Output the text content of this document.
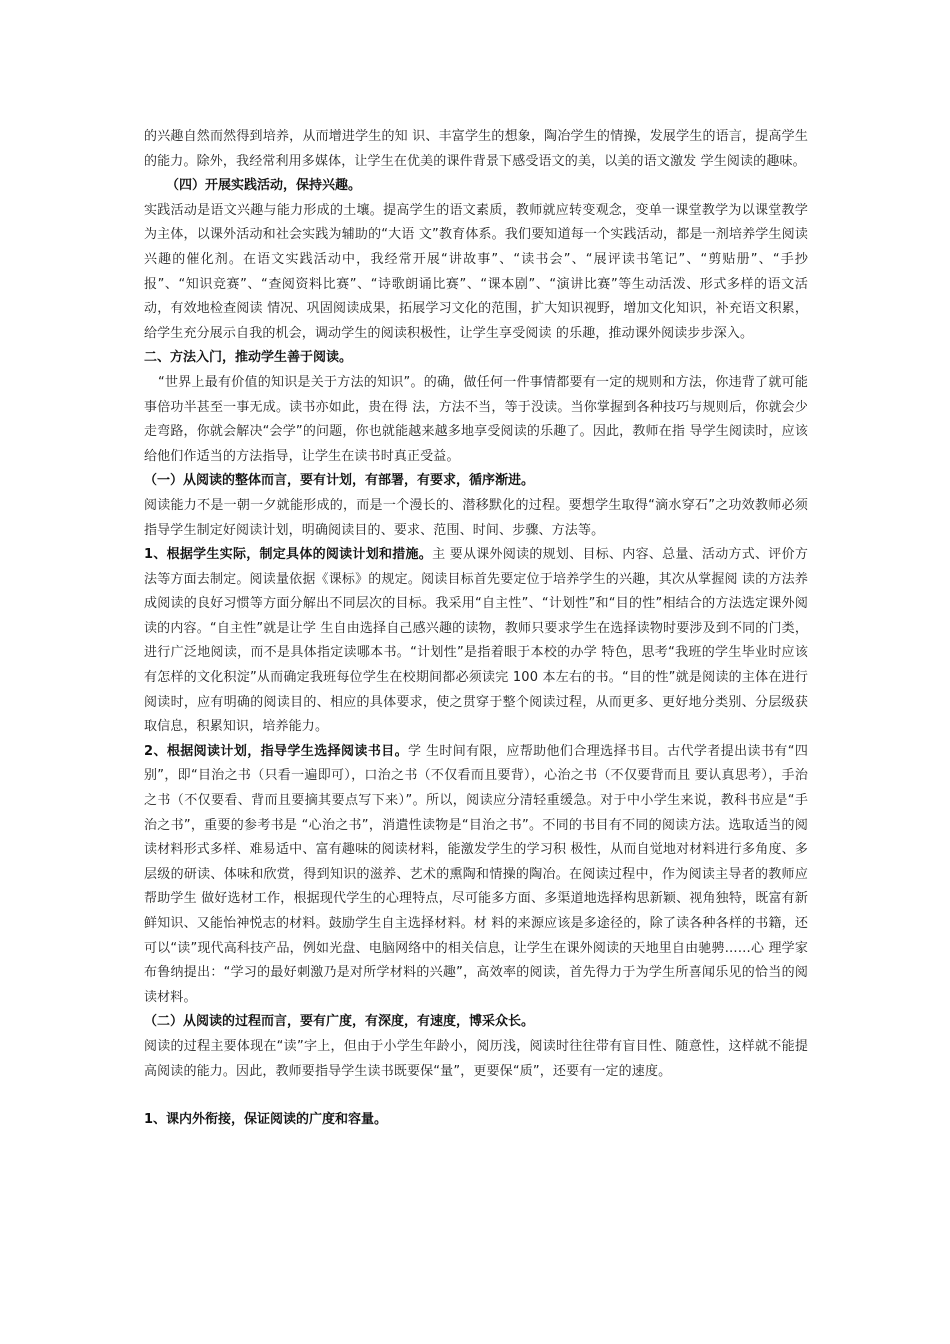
的兴趣自然而然得到培养，从而增进学生的知 识、丰富学生的想象，陶冶学生的情操，发展学生的语言，提高学生的能力。除外，我经常利用多媒体，让学生在优美的课件背景下感受语文的美，以美的语文激发 学生阅读的趣味。

（四）开展实践活动，保持兴趣。

实践活动是语文兴趣与能力形成的土壤。提高学生的语文素质，教师就应转变观念，变单一课堂教学为以课堂教学为主体，以课外活动和社会实践为辅助的“大语 文”教育体系。我们要知道每一个实践活动，都是一剂培养学生阅读兴趣的催化剂。在语文实践活动中，我经常开展“讲故事”、“读书会”、“展评读书笔记”、“剪贴册”、“手抄报”、“知识竞赛”、“查阅资料比赛”、“诗歌朗诵比赛”、“课本剧”、“演讲比赛”等生动活泼、形式多样的语文活动，有效地检查阅读 情况、巩固阅读成果，拓展学习文化的范围，扩大知识视野，增加文化知识，补充语文积累，给学生充分展示自我的机会，调动学生的阅读积极性，让学生享受阅读 的乐趣，推动课外阅读步步深入。

二、方法入门，推动学生善于阅读。

“世界上最有价值的知识是关于方法的知识”。的确，做任何一件事情都要有一定的规则和方法，你违背了就可能事倍功半甚至一事无成。读书亦如此，贵在得 法，方法不当，等于没读。当你掌握到各种技巧与规则后，你就会少走弯路，你就会解决“会学”的问题，你也就能越来越多地享受阅读的乐趣了。因此，教师在指 导学生阅读时，应该给他们作适当的方法指导，让学生在读书时真正受益。

（一）从阅读的整体而言，要有计划，有部署，有要求，循序渐进。

阅读能力不是一朝一夕就能形成的，而是一个漫长的、潜移默化的过程。要想学生取得“滴水穿石”之功效教师必须指导学生制定好阅读计划，明确阅读目的、要求、范围、时间、步骤、方法等。

1、根据学生实际，制定具体的阅读计划和措施。主 要从课外阅读的规划、目标、内容、总量、活动方式、评价方法等方面去制定。阅读量依据《课标》的规定。阅读目标首先要定位于培养学生的兴趣，其次从掌握阅 读的方法养成阅读的良好习惯等方面分解出不同层次的目标。我采用“自主性”、“计划性”和“目的性”相结合的方法选定课外阅读的内容。“自主性”就是让学 生自由选择自己感兴趣的读物，教师只要求学生在选择读物时要涉及到不同的门类，进行广泛地阅读，而不是具体指定读哪本书。“计划性”是指着眼于本校的办学 特色，思考“我班的学生毕业时应该有怎样的文化积淀”从而确定我班每位学生在校期间都必须读完 100 本左右的书。“目的性”就是阅读的主体在进行阅读时，应有明确的阅读目的、相应的具体要求，使之贯穿于整个阅读过程，从而更多、更好地分类别、分层级获取信息，积累知识，培养能力。

2、根据阅读计划，指导学生选择阅读书目。学 生时间有限，应帮助他们合理选择书目。古代学者提出读书有“四别”，即“目治之书（只看一遍即可），口治之书（不仅看而且要背），心治之书（不仅要背而且 要认真思考），手治之书（不仅要看、背而且要摘其要点写下来）”。所以，阅读应分清轻重缓急。对于中小学生来说，教科书应是“手治之书”，重要的参考书是 “心治之书”，消遣性读物是“目治之书”。不同的书目有不同的阅读方法。选取适当的阅读材料形式多样、难易适中、富有趣味的阅读材料，能激发学生的学习积 极性，从而自觉地对材料进行多角度、多层级的研读、体味和欣赏，得到知识的滋养、艺术的熏陶和情操的陶冶。在阅读过程中，作为阅读主导者的教师应帮助学生 做好选材工作，根据现代学生的心理特点，尽可能多方面、多渠道地选择构思新颖、视角独特，既富有新鲜知识、又能怡神悦志的材料。鼓励学生自主选择材料。材 料的来源应该是多途径的，除了读各种各样的书籍，还可以“读”现代高科技产品，例如光盘、电脑网络中的相关信息，让学生在课外阅读的天地里自由驰骋……心 理学家布鲁纳提出：“学习的最好刺激乃是对所学材料的兴趣”，高效率的阅读，首先得力于为学生所喜闻乐见的恰当的阅读材料。

（二）从阅读的过程而言，要有广度，有深度，有速度，博采众长。

阅读的过程主要体现在“读”字上，但由于小学生年龄小，阅历浅，阅读时往往带有盲目性、随意性，这样就不能提高阅读的能力。因此，教师要指导学生读书既要保“量”，更要保“质”，还要有一定的速度。

1、课内外衔接，保证阅读的广度和容量。
